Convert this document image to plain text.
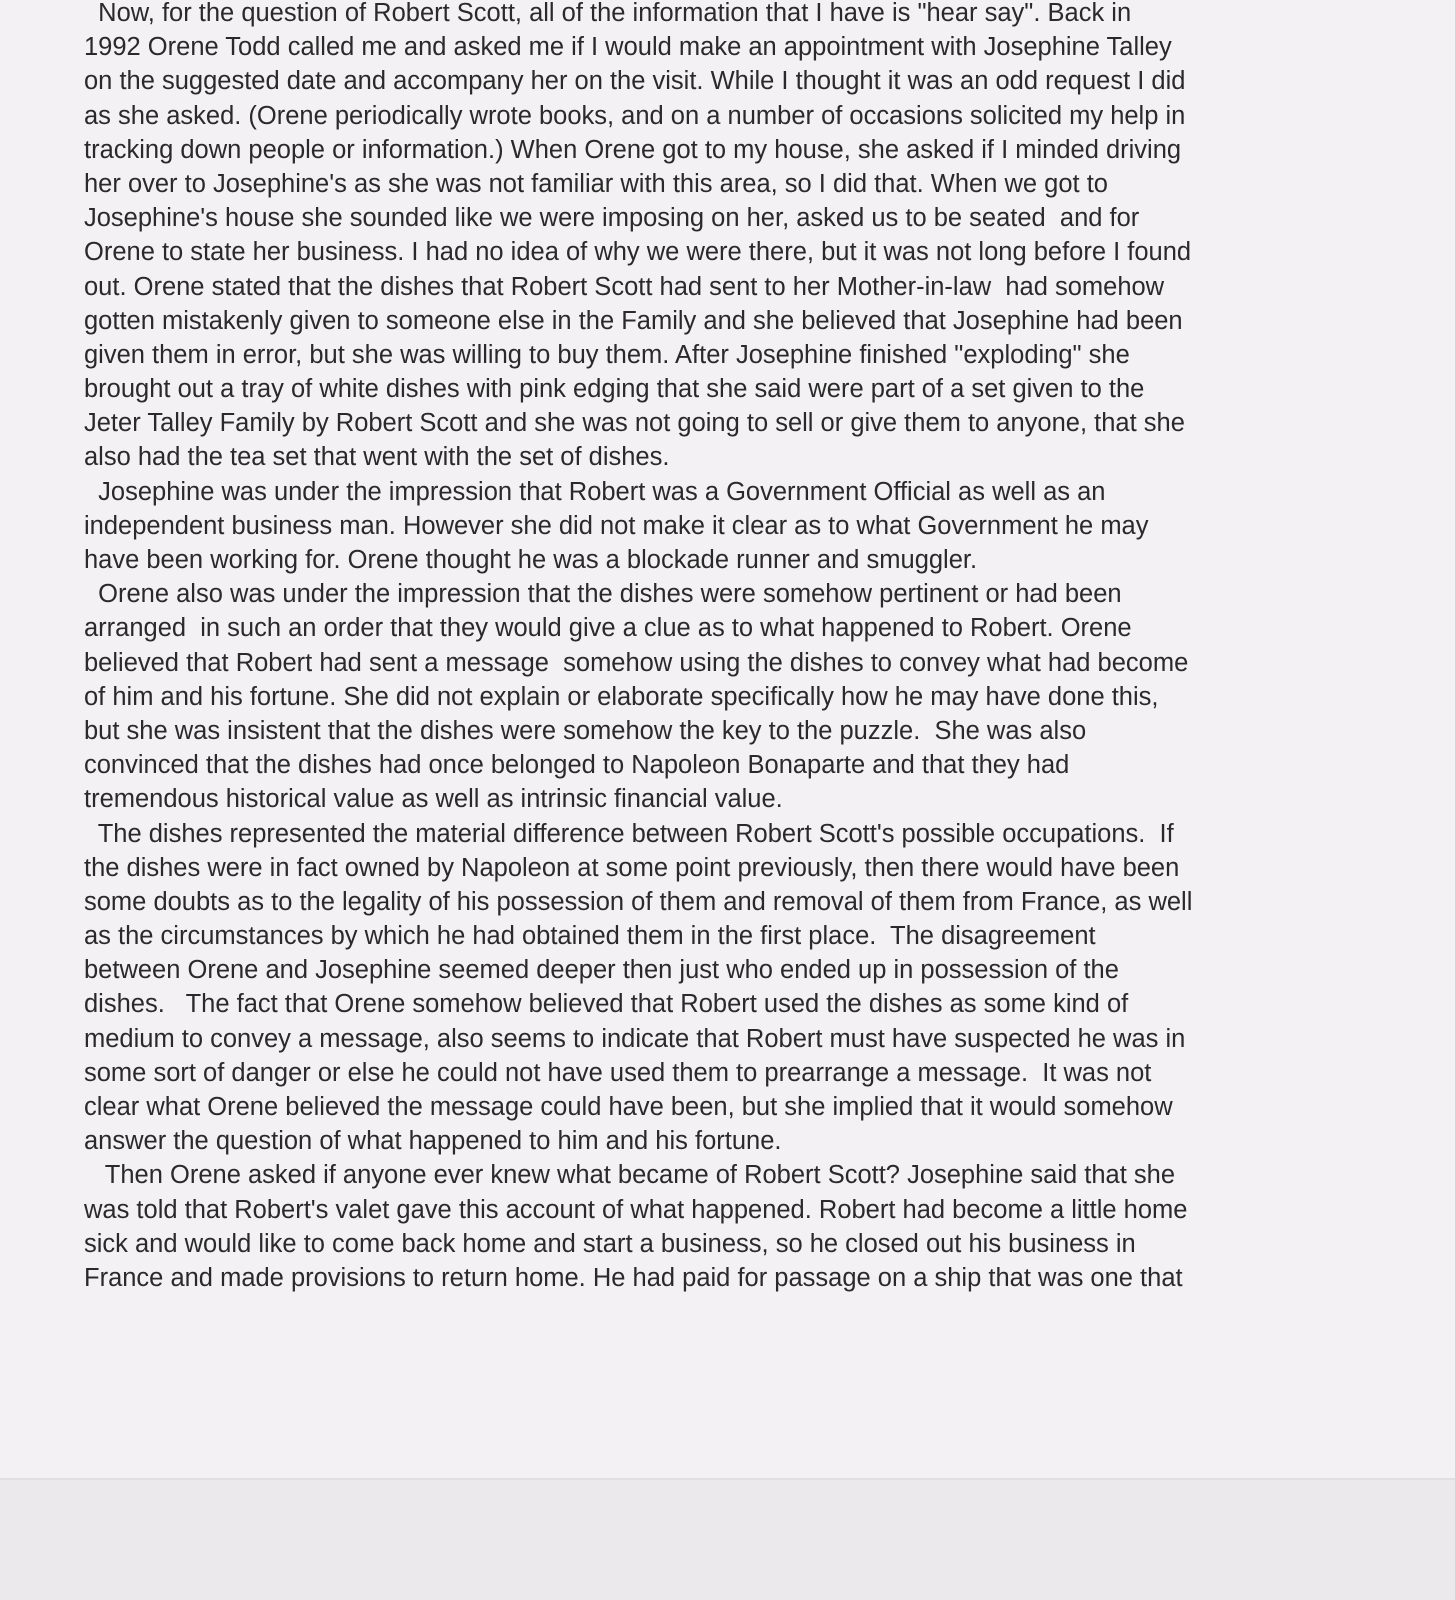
Now, for the question of Robert Scott, all of the information that I have is "hear say". Back in
1992 Orene Todd called me and asked me if I would make an appointment with Josephine Talley
on the suggested date and accompany her on the visit. While I thought it was an odd request I did
as she asked. (Orene periodically wrote books, and on a number of occasions solicited my help in
tracking down people or information.) When Orene got to my house, she asked if I minded driving
her over to Josephine's as she was not familiar with this area, so I did that. When we got to
Josephine's house she sounded like we were imposing on her, asked us to be seated  and for
Orene to state her business. I had no idea of why we were there, but it was not long before I found
out. Orene stated that the dishes that Robert Scott had sent to her Mother-in-law  had somehow
gotten mistakenly given to someone else in the Family and she believed that Josephine had been
given them in error, but she was willing to buy them. After Josephine finished "exploding" she
brought out a tray of white dishes with pink edging that she said were part of a set given to the
Jeter Talley Family by Robert Scott and she was not going to sell or give them to anyone, that she
also had the tea set that went with the set of dishes.
Josephine was under the impression that Robert was a Government Official as well as an
independent business man. However she did not make it clear as to what Government he may
have been working for. Orene thought he was a blockade runner and smuggler.
Orene also was under the impression that the dishes were somehow pertinent or had been
arranged  in such an order that they would give a clue as to what happened to Robert. Orene
believed that Robert had sent a message  somehow using the dishes to convey what had become
of him and his fortune. She did not explain or elaborate specifically how he may have done this,
but she was insistent that the dishes were somehow the key to the puzzle.  She was also
convinced that the dishes had once belonged to Napoleon Bonaparte and that they had
tremendous historical value as well as intrinsic financial value.
The dishes represented the material difference between Robert Scott's possible occupations.  If
the dishes were in fact owned by Napoleon at some point previously, then there would have been
some doubts as to the legality of his possession of them and removal of them from France, as well
as the circumstances by which he had obtained them in the first place.  The disagreement
between Orene and Josephine seemed deeper then just who ended up in possession of the
dishes.   The fact that Orene somehow believed that Robert used the dishes as some kind of
medium to convey a message, also seems to indicate that Robert must have suspected he was in
some sort of danger or else he could not have used them to prearrange a message.  It was not
clear what Orene believed the message could have been, but she implied that it would somehow
answer the question of what happened to him and his fortune.
Then Orene asked if anyone ever knew what became of Robert Scott? Josephine said that she
was told that Robert's valet gave this account of what happened. Robert had become a little home
sick and would like to come back home and start a business, so he closed out his business in
France and made provisions to return home. He had paid for passage on a ship that was one that
